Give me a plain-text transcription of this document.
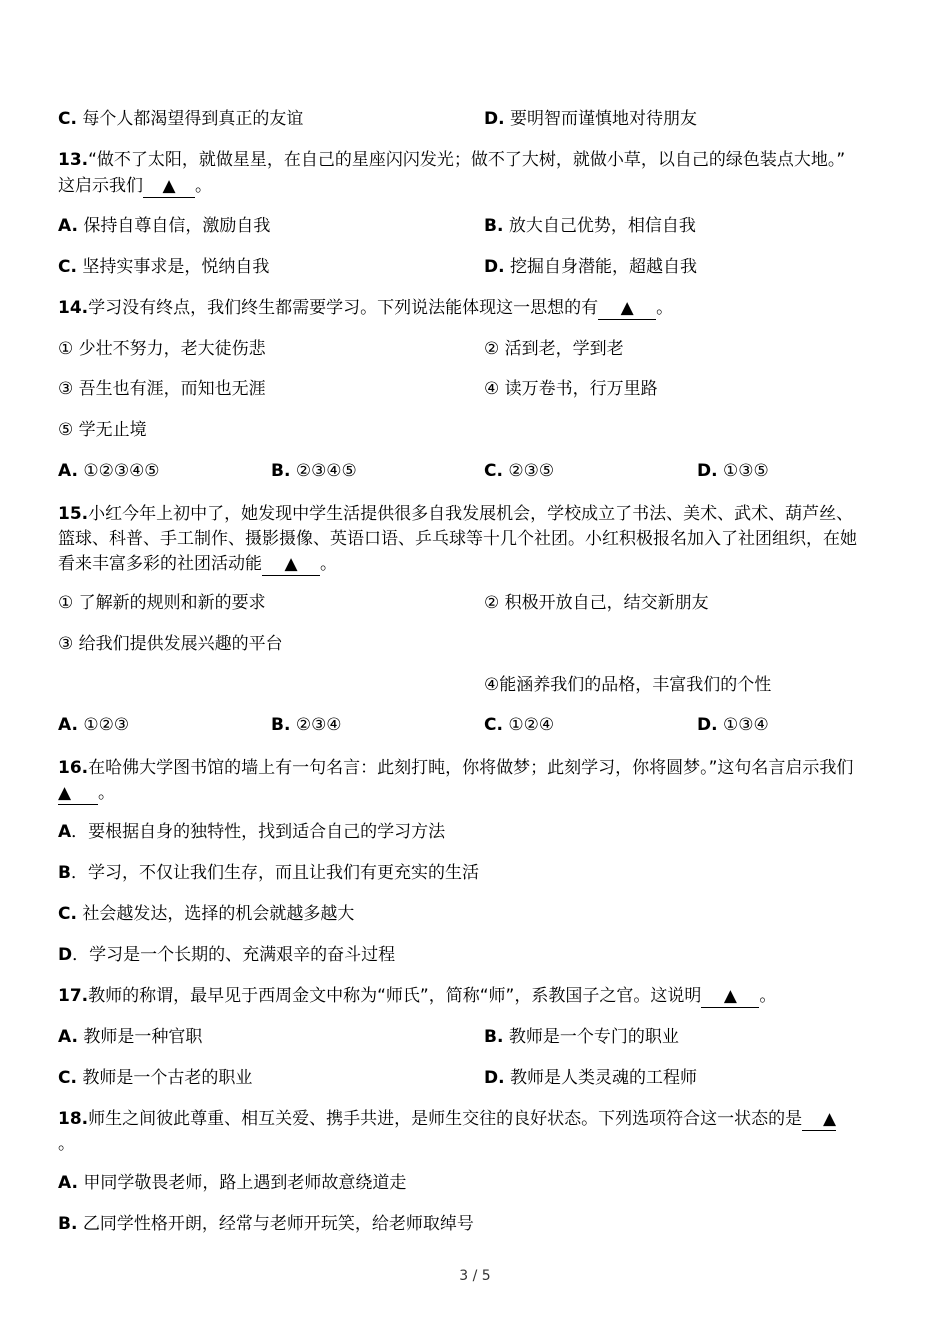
C. 每个人都渴望得到真正的友谊	D. 要明智而谨慎地对待朋友
13.“做不了太阳，就做星星，在自己的星座闪闪发光；做不了大树，就做小草，以自己的绿色装点大地。”
这启示我们 ▲ 。
A. 保持自尊自信，激励自我	B. 放大自己优势，相信自我
C. 坚持实事求是，悦纳自我	D. 挖掘自身潜能，超越自我
14.学习没有终点，我们终生都需要学习。下列说法能体现这一思想的有 ▲ 。
① 少壮不努力，老大徒伤悲	② 活到老，学到老
③ 吾生也有涯，而知也无涯	④ 读万卷书，行万里路
⑤ 学无止境
A. ①②③④⑤	B. ②③④⑤	C. ②③⑤	D. ①③⑤
15.小红今年上初中了，她发现中学生活提供很多自我发展机会，学校成立了书法、美术、武术、葫芦丝、
篮球、科普、手工制作、摄影摄像、英语口语、乒乓球等十几个社团。小红积极报名加入了社团组织，在她
看来丰富多彩的社团活动能 ▲ 。
① 了解新的规则和新的要求	② 积极开放自己，结交新朋友
③ 给我们提供发展兴趣的平台
④能涵养我们的品格，丰富我们的个性
A. ①②③	B. ②③④	C. ①②④	D. ①③④
16.在哈佛大学图书馆的墙上有一句名言：此刻打盹，你将做梦；此刻学习，你将圆梦。”这句名言启示我们
▲ 。
A．要根据自身的独特性，找到适合自己的学习方法
B．学习，不仅让我们生存，而且让我们有更充实的生活
C. 社会越发达，选择的机会就越多越大
D．学习是一个长期的、充满艰辛的奋斗过程
17.教师的称谓，最早见于西周金文中称为“师氏”，简称“师”，系教国子之官。这说明 ▲ 。
A. 教师是一种官职	B. 教师是一个专门的职业
C. 教师是一个古老的职业	D. 教师是人类灵魂的工程师
18.师生之间彼此尊重、相互关爱、携手共进，是师生交往的良好状态。下列选项符合这一状态的是 ▲
。
A. 甲同学敬畏老师，路上遇到老师故意绕道走
B. 乙同学性格开朗，经常与老师开玩笑，给老师取绰号
3 / 5
